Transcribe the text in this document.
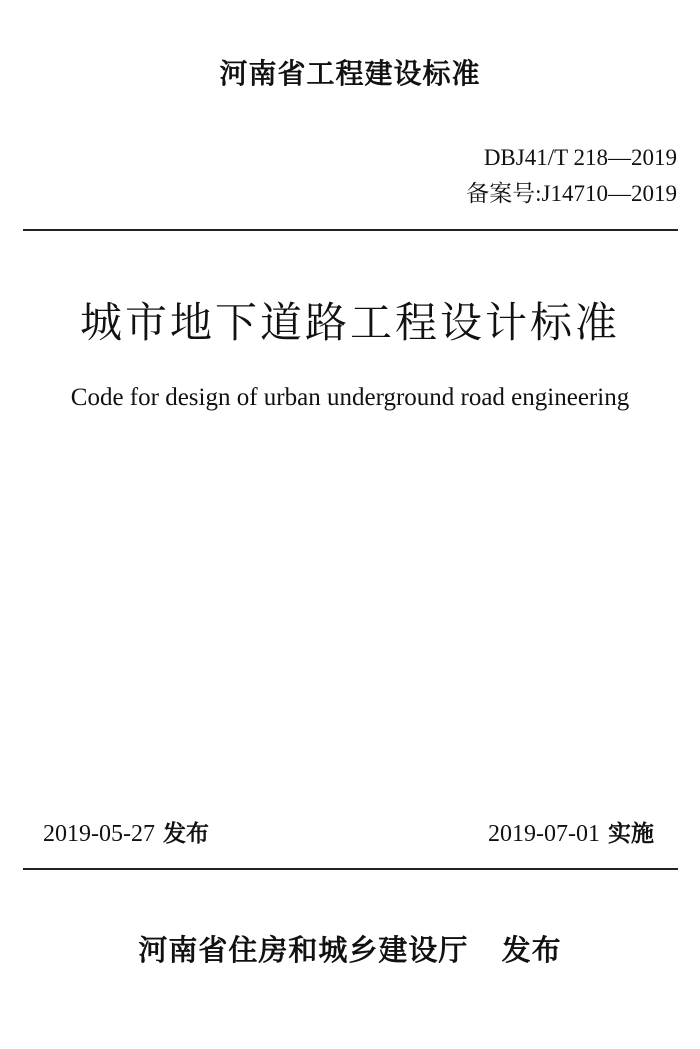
河南省工程建设标准
DBJ41/T 218—2019
备案号:J14710—2019
城市地下道路工程设计标准
Code for design of urban underground road engineering
2019-05-27 发布	2019-07-01 实施
河南省住房和城乡建设厅   发布
